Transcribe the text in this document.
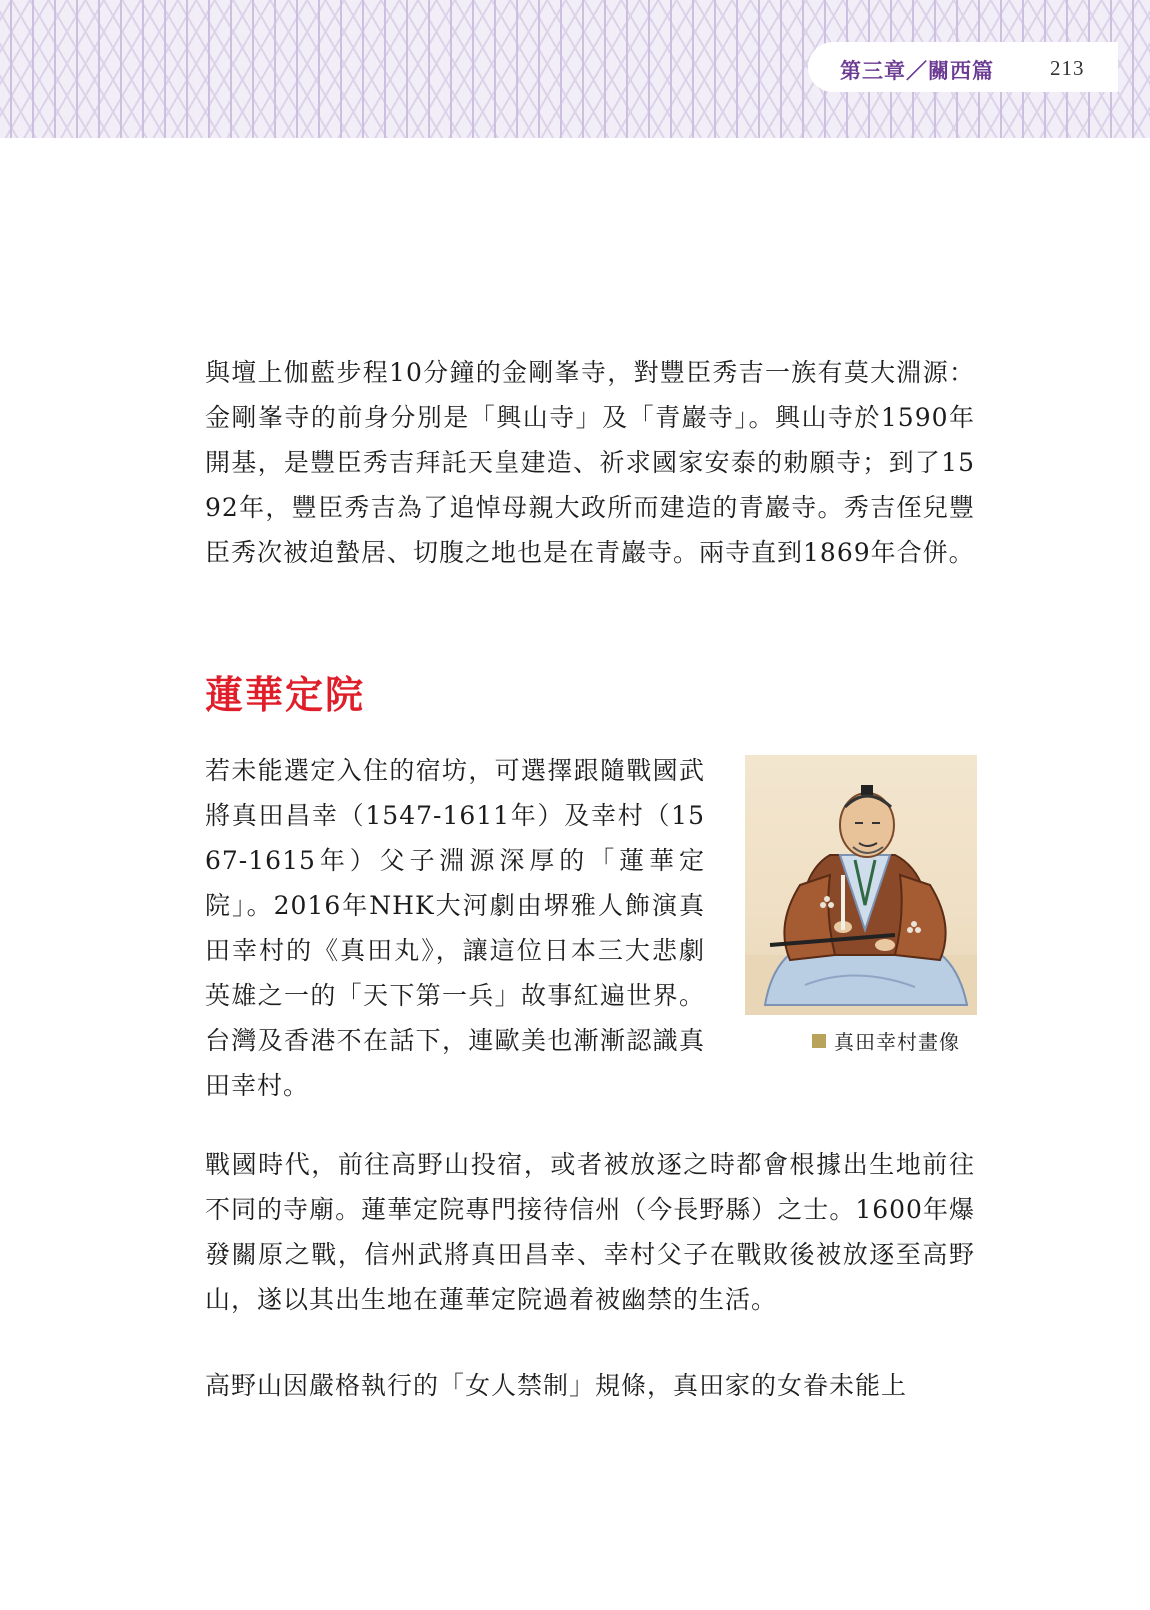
第三章／關西篇	213

與壇上伽藍步程10分鐘的金剛峯寺，對豐臣秀吉一族有莫大淵源：金剛峯寺的前身分別是「興山寺」及「青巖寺」。興山寺於1590年開基，是豐臣秀吉拜託天皇建造、祈求國家安泰的勅願寺；到了1592年，豐臣秀吉為了追悼母親大政所而建造的青巖寺。秀吉侄兒豐臣秀次被迫蟄居、切腹之地也是在青巖寺。兩寺直到1869年合併。

蓮華定院

若未能選定入住的宿坊，可選擇跟隨戰國武將真田昌幸（1547-1611年）及幸村（1567-1615年）父子淵源深厚的「蓮華定院」。2016年NHK大河劇由堺雅人飾演真田幸村的《真田丸》，讓這位日本三大悲劇英雄之一的「天下第一兵」故事紅遍世界。台灣及香港不在話下，連歐美也漸漸認識真田幸村。

真田幸村畫像

戰國時代，前往高野山投宿，或者被放逐之時都會根據出生地前往不同的寺廟。蓮華定院專門接待信州（今長野縣）之士。1600年爆發關原之戰，信州武將真田昌幸、幸村父子在戰敗後被放逐至高野山，遂以其出生地在蓮華定院過着被幽禁的生活。

高野山因嚴格執行的「女人禁制」規條，真田家的女眷未能上
